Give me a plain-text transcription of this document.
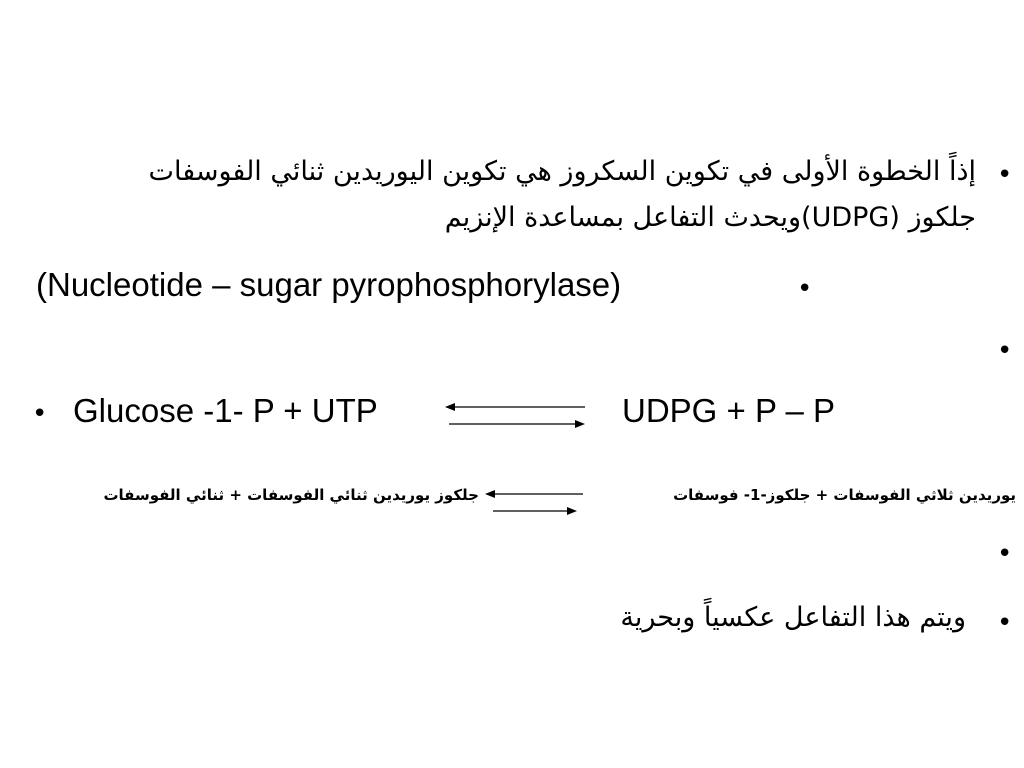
•
إذاً الخطوة الأولى في تكوين السكروز هي تكوين اليوريدين ثنائي الفوسفات
جلكوز (UDPG)ويحدث التفاعل بمساعدة الإنزيم
(Nucleotide – sugar pyrophosphorylase)	•
•
• Glucose -1- P + UTP	UDPG + P – P
يوريدين ثلاثي الفوسفات + جلكوز-1- فوسفات
جلكوز يوريدين ثنائي الفوسفات + ثنائي الفوسفات
•
•
ويتم هذا التفاعل عكسياً وبحرية
